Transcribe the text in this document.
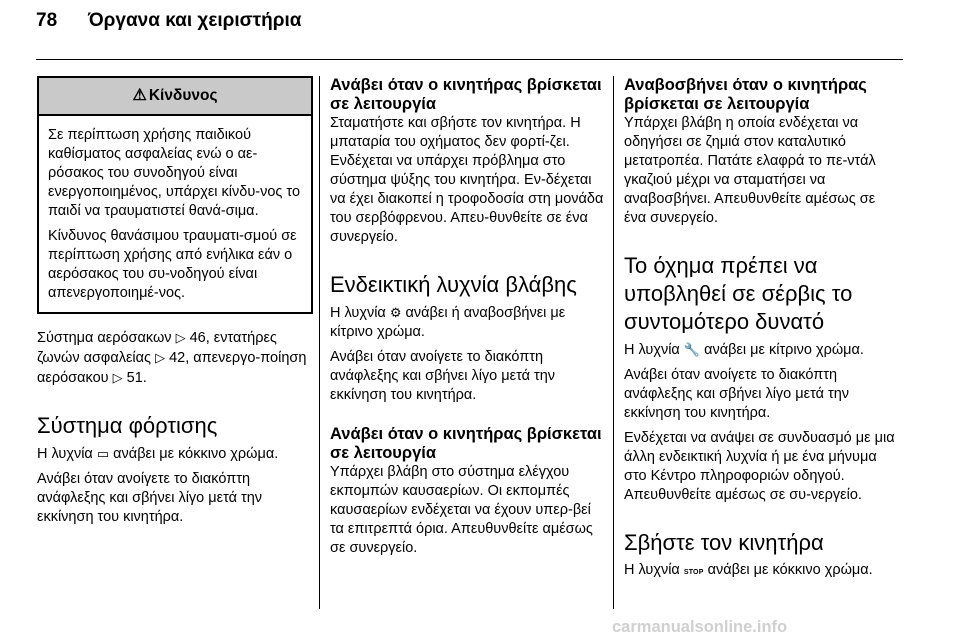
78	Όργανα και χειριστήρια
⚠ Κίνδυνος

Σε περίπτωση χρήσης παιδικού καθίσματος ασφαλείας ενώ ο αε-ρόσακος του συνοδηγού είναι ενεργοποιημένος, υπάρχει κίνδυ-νος το παιδί να τραυματιστεί θανά-σιμα.

Κίνδυνος θανάσιμου τραυματι-σμού σε περίπτωση χρήσης από ενήλικα εάν ο αερόσακος του συ-νοδηγού είναι απενεργοποιημέ-νος.

Σύστημα αερόσακων ▷ 46, εντατήρες ζωνών ασφαλείας ▷ 42, απενεργο-ποίηση αερόσακου ▷ 51.

Σύστημα φόρτισης

Η λυχνία ▭ ανάβει με κόκκινο χρώμα.

Ανάβει όταν ανοίγετε το διακόπτη ανάφλεξης και σβήνει λίγο μετά την εκκίνηση του κινητήρα.

Ανάβει όταν ο κινητήρας βρίσκεται σε λειτουργία

Σταματήστε και σβήστε τον κινητήρα. Η μπαταρία του οχήματος δεν φορτί-ζει. Ενδέχεται να υπάρχει πρόβλημα στο σύστημα ψύξης του κινητήρα. Εν-δέχεται να έχει διακοπεί η τροφοδοσία στη μονάδα του σερβόφρενου. Απευ-θυνθείτε σε ένα συνεργείο.

Ενδεικτική λυχνία βλάβης

Η λυχνία ⚙ ανάβει ή αναβοσβήνει με κίτρινο χρώμα.

Ανάβει όταν ανοίγετε το διακόπτη ανάφλεξης και σβήνει λίγο μετά την εκκίνηση του κινητήρα.

Ανάβει όταν ο κινητήρας βρίσκεται σε λειτουργία

Υπάρχει βλάβη στο σύστημα ελέγχου εκπομπών καυσαερίων. Οι εκπομπές καυσαερίων ενδέχεται να έχουν υπερ-βεί τα επιτρεπτά όρια. Απευθυνθείτε αμέσως σε συνεργείο.

Αναβοσβήνει όταν ο κινητήρας βρίσκεται σε λειτουργία

Υπάρχει βλάβη η οποία ενδέχεται να οδηγήσει σε ζημιά στον καταλυτικό μετατροπέα. Πατάτε ελαφρά το πε-ντάλ γκαζιού μέχρι να σταματήσει να αναβοσβήνει. Απευθυνθείτε αμέσως σε ένα συνεργείο.

Το όχημα πρέπει να υποβληθεί σε σέρβις το συντομότερο δυνατό

Η λυχνία 🔧 ανάβει με κίτρινο χρώμα.

Ανάβει όταν ανοίγετε το διακόπτη ανάφλεξης και σβήνει λίγο μετά την εκκίνηση του κινητήρα.

Ενδέχεται να ανάψει σε συνδυασμό με μια άλλη ενδεικτική λυχνία ή με ένα μήνυμα στο Κέντρο πληροφοριών οδηγού. Απευθυνθείτε αμέσως σε συ-νεργείο.

Σβήστε τον κινητήρα

Η λυχνία STOP ανάβει με κόκκινο χρώμα.

carmanualsonline.info
